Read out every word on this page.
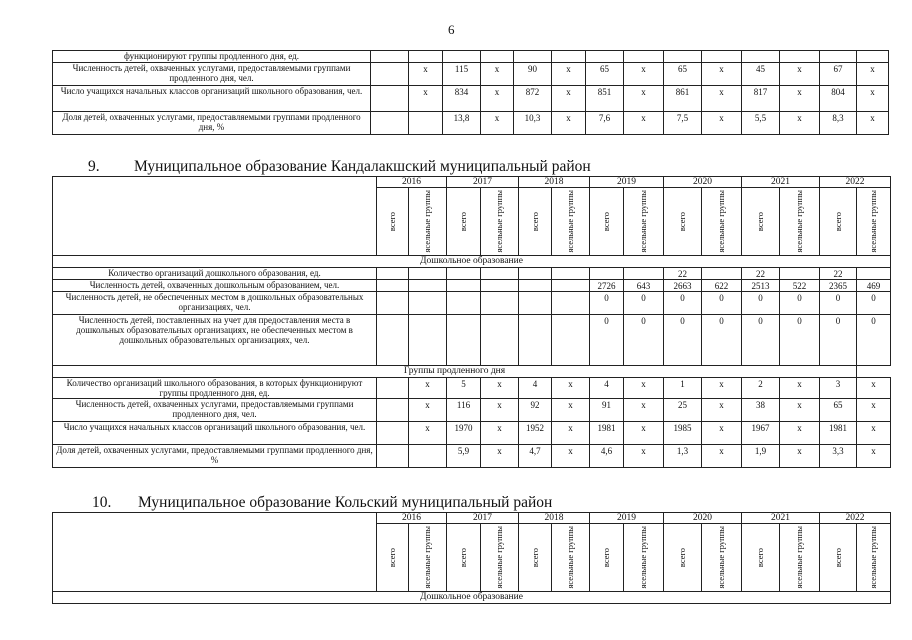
6
функционируют группы продленного дня, ед.														
Численность детей, охваченных услугами, предоставляемыми группами продленного дня, чел.		х	115	х	90	х	65	х	65	х	45	х	67	х
Число учащихся начальных классов организаций школьного образования, чел.		х	834	х	872	х	851	х	861	х	817	х	804	х
Доля детей, охваченных услугами, предоставляемыми группами продленного дня, %			13,8	х	10,3	х	7,6	х	7,5	х	5,5	х	8,3	х
9. Муниципальное образование Кандалакшский муниципальный район
	2016		2017		2018		2019		2020		2021		2022	

	всего	ясельные группы	всего	ясельные группы	всего	ясельные группы	всего	ясельные группы	всего	ясельные группы	всего	ясельные группы	всего	ясельные группы

Дошкольное образование														
Количество организаций дошкольного образования, ед.									22		22		22	
Численность детей, охваченных дошкольным образованием, чел.							2726	643	2663	622	2513	522	2365	469
Численность детей, не обеспеченных местом в дошкольных образовательных организациях, чел.							0	0	0	0	0	0	0	0
Численность детей, поставленных на учет для предоставления места в дошкольных образовательных организациях, не обеспеченных местом в дошкольных образовательных организациях, чел.							0	0	0	0	0	0	0	0
Группы продленного дня														
Количество организаций школьного образования, в которых функционируют группы продленного дня, ед.		х	5	х	4	х	4	х	1	х	2	х	3	х
Численность детей, охваченных услугами, предоставляемыми группами продленного дня, чел.		х	116	х	92	х	91	х	25	х	38	х	65	х
Число учащихся начальных классов организаций школьного образования, чел.		х	1970	х	1952	х	1981	х	1985	х	1967	х	1981	х
Доля детей, охваченных услугами, предоставляемыми группами продленного дня, %			5,9	х	4,7	х	4,6	х	1,3	х	1,9	х	3,3	х
10. Муниципальное образование Кольский муниципальный район
	2016		2017		2018		2019		2020		2021		2022	

	всего	ясельные группы	всего	ясельные группы	всего	ясельные группы	всего	ясельные группы	всего	ясельные группы	всего	ясельные группы	всего	ясельные группы

Дошкольное образование														
